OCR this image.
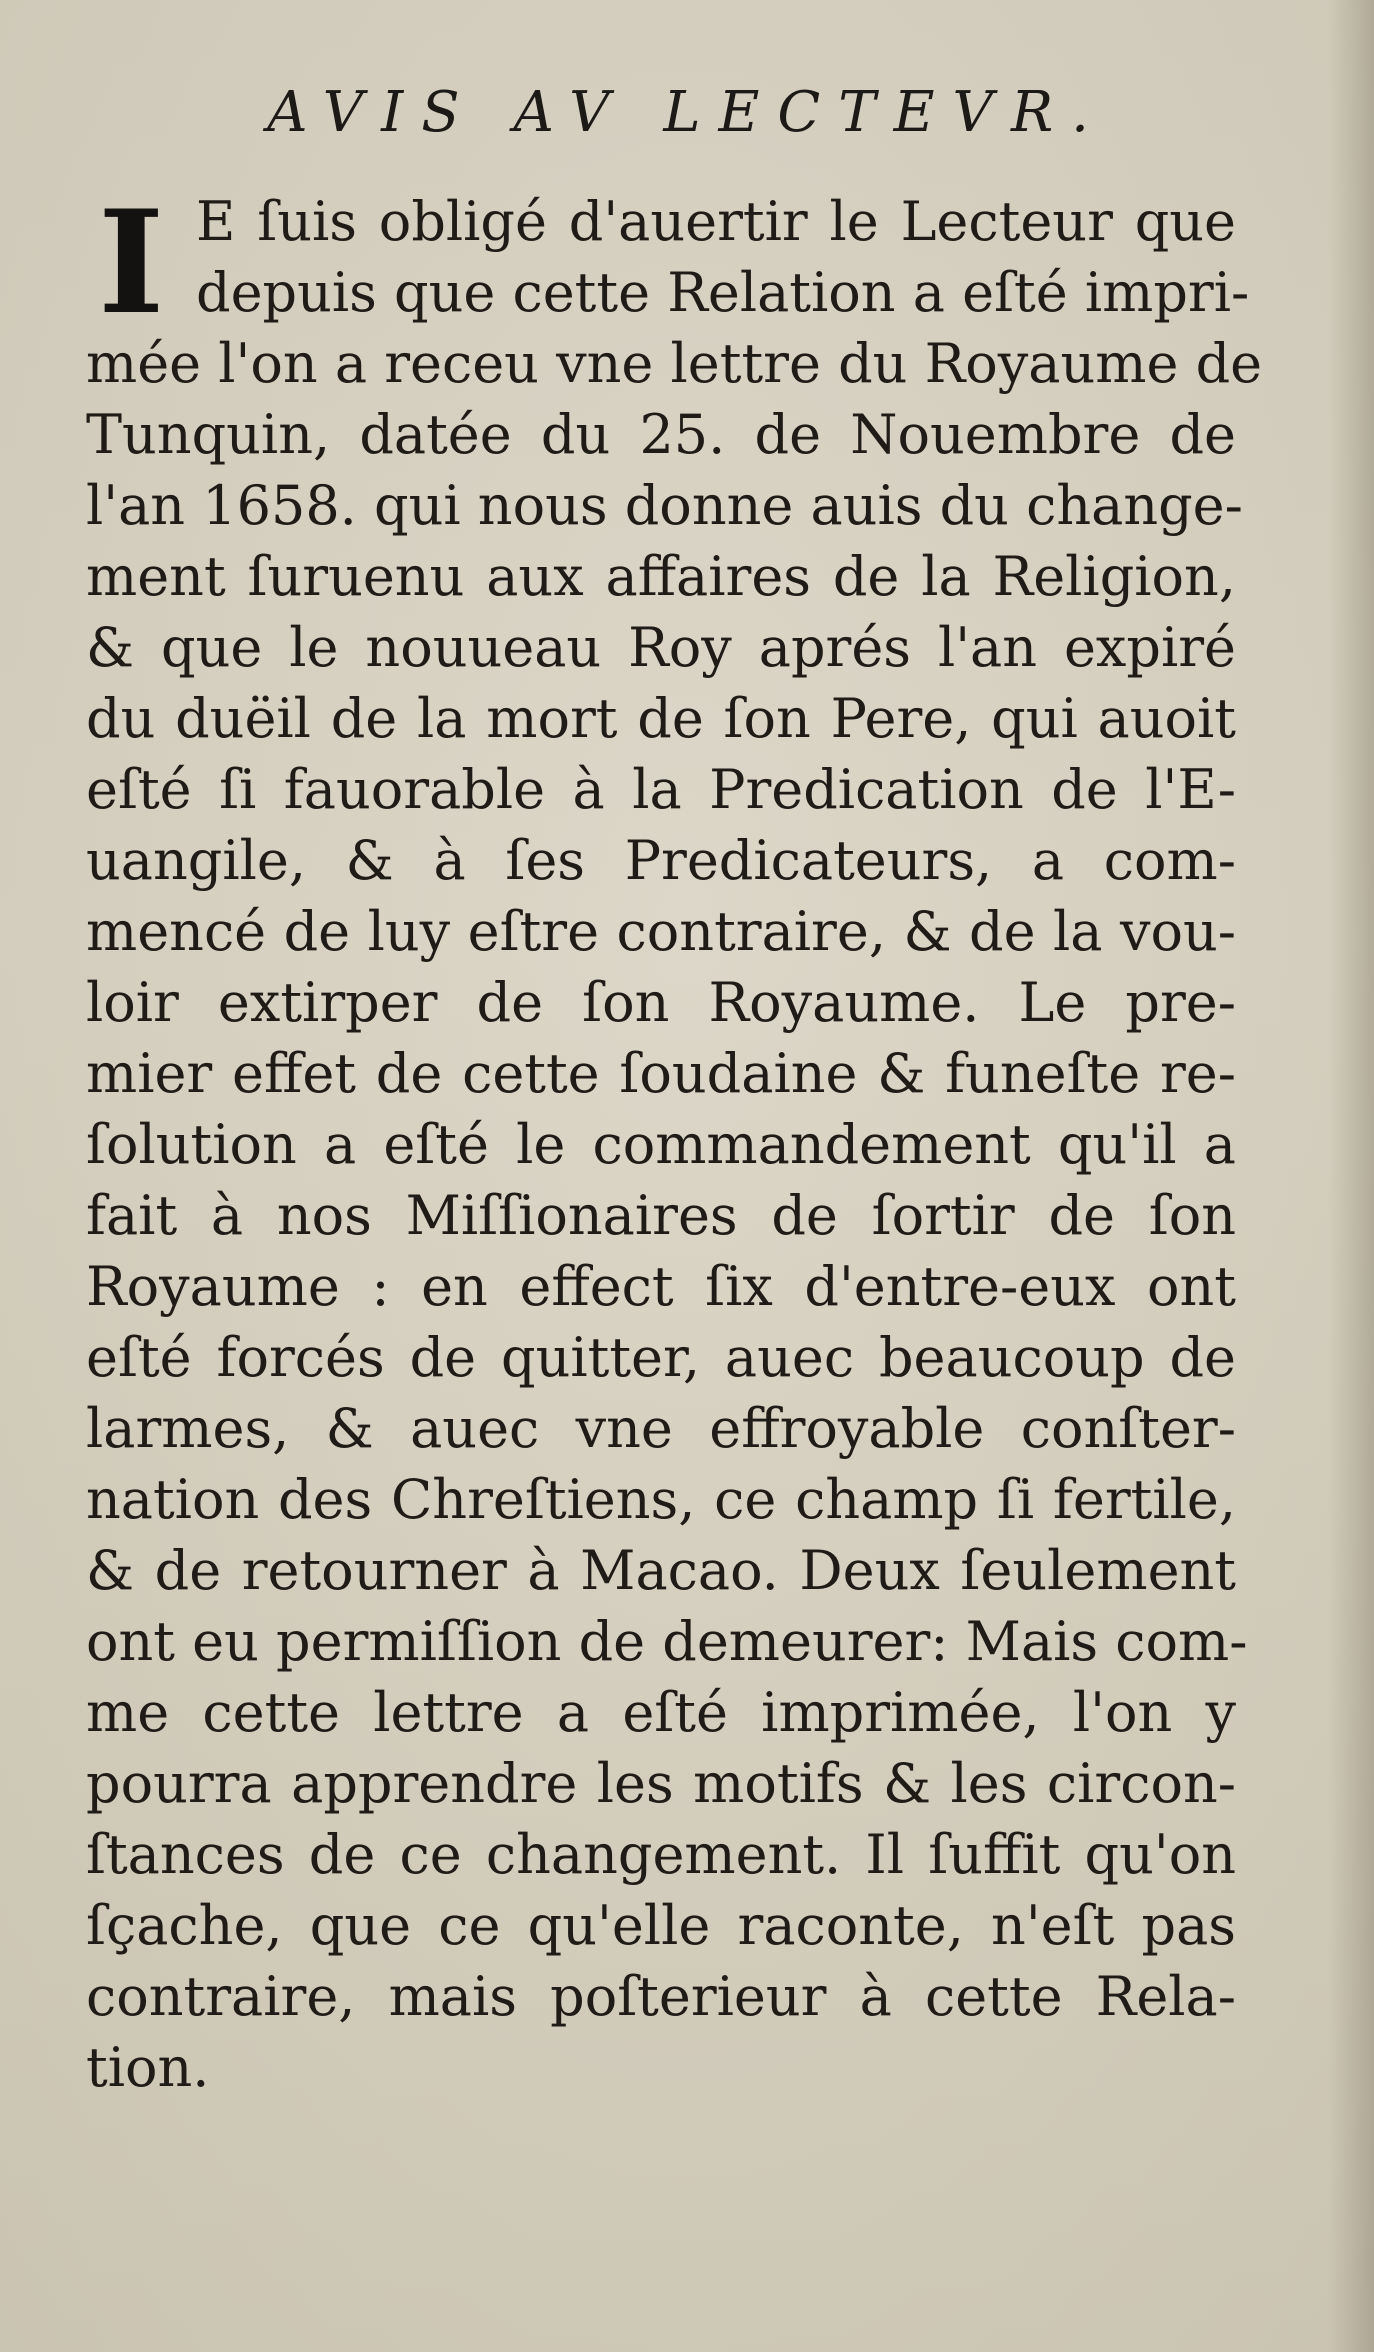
AVIS AV LECTEVR.
I E ſuis obligé d'auertir le Lecteur que
depuis que cette Relation a eſté impri-
mée l'on a receu vne lettre du Royaume de
Tunquin, datée du 25. de Nouembre de
l'an 1658. qui nous donne auis du change-
ment ſuruenu aux affaires de la Religion,
& que le nouueau Roy aprés l'an expiré
du duëil de la mort de ſon Pere, qui auoit
eſté ſi fauorable à la Predication de l'E-
uangile, & à ſes Predicateurs, a com-
mencé de luy eſtre contraire, & de la vou-
loir extirper de ſon Royaume. Le pre-
mier effet de cette ſoudaine & funeſte re-
ſolution a eſté le commandement qu'il a
fait à nos Miſſionaires de ſortir de ſon
Royaume : en effect ſix d'entre-eux ont
eſté forcés de quitter, auec beaucoup de
larmes, & auec vne effroyable conſter-
nation des Chreſtiens, ce champ ſi fertile,
& de retourner à Macao. Deux ſeulement
ont eu permiſſion de demeurer: Mais com-
me cette lettre a eſté imprimée, l'on y
pourra apprendre les motifs & les circon-
ſtances de ce changement. Il ſuffit qu'on
ſçache, que ce qu'elle raconte, n'eſt pas
contraire, mais poſterieur à cette Rela-
tion.
